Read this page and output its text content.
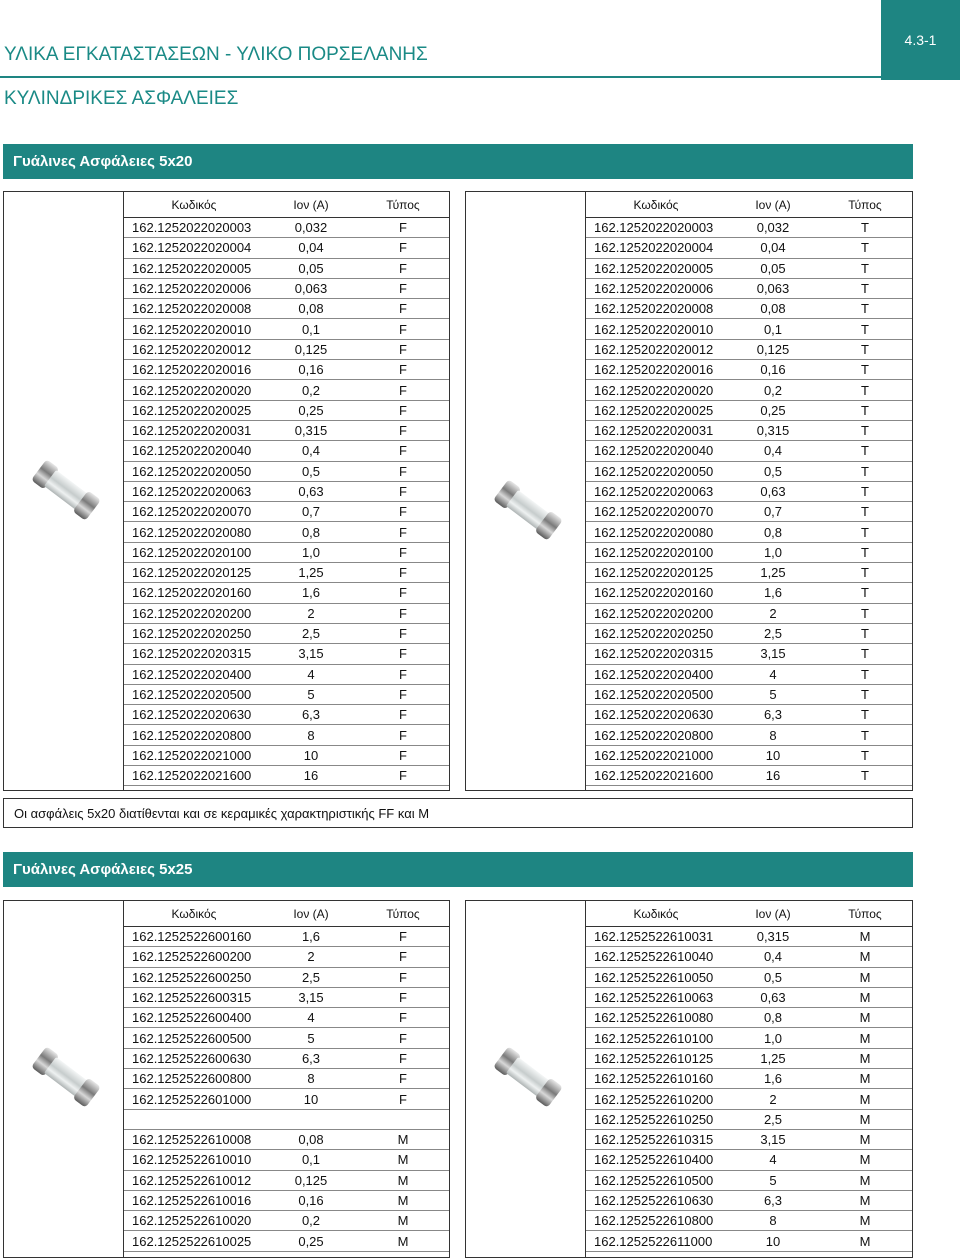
4.3-1
ΥΛΙΚΑ ΕΓΚΑΤΑΣΤΑΣΕΩΝ - ΥΛΙΚΟ ΠΟΡΣΕΛΑΝΗΣ
ΚΥΛΙΝΔΡΙΚΕΣ ΑΣΦΑΛΕΙΕΣ
Γυάλινες Ασφάλειες 5x20
Κωδικός	Ιον (A)	Τύπος
162.1252022020003	0,032	F
162.1252022020004	0,04	F
162.1252022020005	0,05	F
162.1252022020006	0,063	F
162.1252022020008	0,08	F
162.1252022020010	0,1	F
162.1252022020012	0,125	F
162.1252022020016	0,16	F
162.1252022020020	0,2	F
162.1252022020025	0,25	F
162.1252022020031	0,315	F
162.1252022020040	0,4	F
162.1252022020050	0,5	F
162.1252022020063	0,63	F
162.1252022020070	0,7	F
162.1252022020080	0,8	F
162.1252022020100	1,0	F
162.1252022020125	1,25	F
162.1252022020160	1,6	F
162.1252022020200	2	F
162.1252022020250	2,5	F
162.1252022020315	3,15	F
162.1252022020400	4	F
162.1252022020500	5	F
162.1252022020630	6,3	F
162.1252022020800	8	F
162.1252022021000	10	F
162.1252022021600	16	F
Κωδικός	Ιον (A)	Τύπος
162.1252022020003	0,032	T
162.1252022020004	0,04	T
162.1252022020005	0,05	T
162.1252022020006	0,063	T
162.1252022020008	0,08	T
162.1252022020010	0,1	T
162.1252022020012	0,125	T
162.1252022020016	0,16	T
162.1252022020020	0,2	T
162.1252022020025	0,25	T
162.1252022020031	0,315	T
162.1252022020040	0,4	T
162.1252022020050	0,5	T
162.1252022020063	0,63	T
162.1252022020070	0,7	T
162.1252022020080	0,8	T
162.1252022020100	1,0	T
162.1252022020125	1,25	T
162.1252022020160	1,6	T
162.1252022020200	2	T
162.1252022020250	2,5	T
162.1252022020315	3,15	T
162.1252022020400	4	T
162.1252022020500	5	T
162.1252022020630	6,3	T
162.1252022020800	8	T
162.1252022021000	10	T
162.1252022021600	16	T
Οι ασφάλεις 5x20 διατίθενται και σε κεραμικές χαρακτηριστικής FF και M
Γυάλινες Ασφάλειες 5x25
Κωδικός	Ιον (A)	Τύπος
162.1252522600160	1,6	F
162.1252522600200	2	F
162.1252522600250	2,5	F
162.1252522600315	3,15	F
162.1252522600400	4	F
162.1252522600500	5	F
162.1252522600630	6,3	F
162.1252522600800	8	F
162.1252522601000	10	F
162.1252522610008	0,08	M
162.1252522610010	0,1	M
162.1252522610012	0,125	M
162.1252522610016	0,16	M
162.1252522610020	0,2	M
162.1252522610025	0,25	M
Κωδικός	Ιον (A)	Τύπος
162.1252522610031	0,315	M
162.1252522610040	0,4	M
162.1252522610050	0,5	M
162.1252522610063	0,63	M
162.1252522610080	0,8	M
162.1252522610100	1,0	M
162.1252522610125	1,25	M
162.1252522610160	1,6	M
162.1252522610200	2	M
162.1252522610250	2,5	M
162.1252522610315	3,15	M
162.1252522610400	4	M
162.1252522610500	5	M
162.1252522610630	6,3	M
162.1252522610800	8	M
162.1252522611000	10	M
